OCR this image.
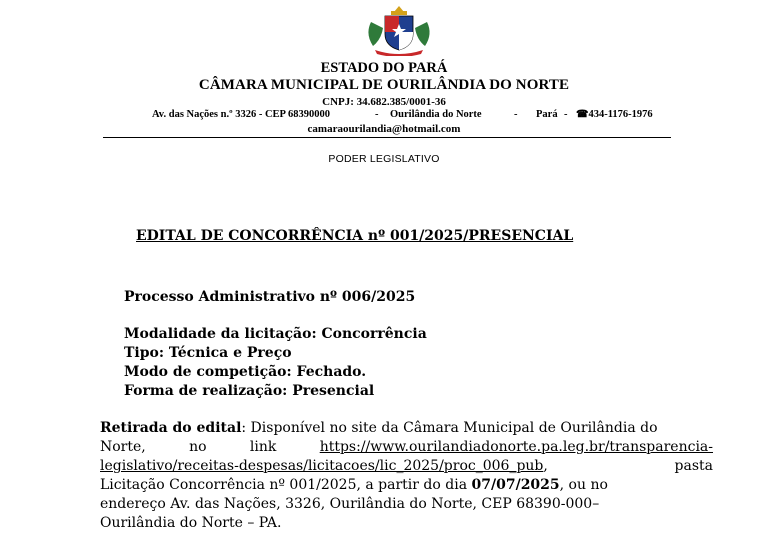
ESTADO DO PARÁ
CÂMARA MUNICIPAL DE OURILÂNDIA DO NORTE
CNPJ: 34.682.385/0001-36
Av. das Nações n.º 3326 - CEP 68390000	- Ourilândia do Norte	- Pará - ☎434-1176-1976
camaraourilandia@hotmail.com
PODER LEGISLATIVO
EDITAL DE CONCORRÊNCIA nº 001/2025/PRESENCIAL
Processo Administrativo nº 006/2025
Modalidade da licitação: Concorrência
Tipo: Técnica e Preço
Modo de competição: Fechado.
Forma de realização: Presencial
Retirada do edital: Disponível no site da Câmara Municipal de Ourilândia do
Norte,	no	link	https://www.ourilandiadonorte.pa.leg.br/transparencia-
legislativo/receitas-despesas/licitacoes/lic_2025/proc_006_pub,	pasta
Licitação Concorrência nº 001/2025, a partir do dia 07/07/2025, ou no
endereço Av. das Nações, 3326, Ourilândia do Norte, CEP 68390-000–
Ourilândia do Norte – PA.
